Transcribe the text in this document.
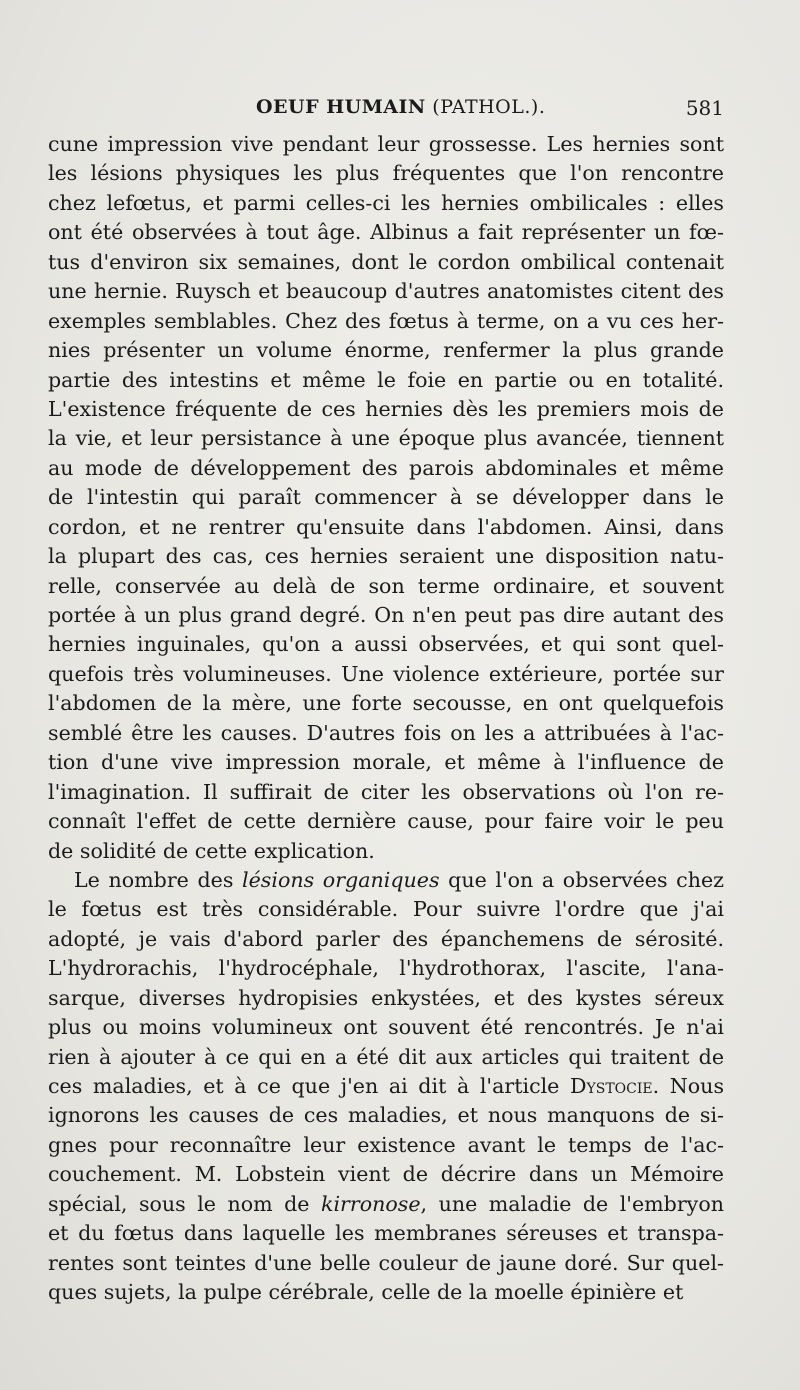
OEUF HUMAIN (PATHOL.).	581
cune impression vive pendant leur grossesse. Les hernies sont
les lésions physiques les plus fréquentes que l'on rencontre
chez lefœtus, et parmi celles-ci les hernies ombilicales : elles
ont été observées à tout âge. Albinus a fait représenter un fœ-
tus d'environ six semaines, dont le cordon ombilical contenait
une hernie. Ruysch et beaucoup d'autres anatomistes citent des
exemples semblables. Chez des fœtus à terme, on a vu ces her-
nies présenter un volume énorme, renfermer la plus grande
partie des intestins et même le foie en partie ou en totalité.
L'existence fréquente de ces hernies dès les premiers mois de
la vie, et leur persistance à une époque plus avancée, tiennent
au mode de développement des parois abdominales et même
de l'intestin qui paraît commencer à se développer dans le
cordon, et ne rentrer qu'ensuite dans l'abdomen. Ainsi, dans
la plupart des cas, ces hernies seraient une disposition natu-
relle, conservée au delà de son terme ordinaire, et souvent
portée à un plus grand degré. On n'en peut pas dire autant des
hernies inguinales, qu'on a aussi observées, et qui sont quel-
quefois très volumineuses. Une violence extérieure, portée sur
l'abdomen de la mère, une forte secousse, en ont quelquefois
semblé être les causes. D'autres fois on les a attribuées à l'ac-
tion d'une vive impression morale, et même à l'influence de
l'imagination. Il suffirait de citer les observations où l'on re-
connaît l'effet de cette dernière cause, pour faire voir le peu
de solidité de cette explication.
Le nombre des lésions organiques que l'on a observées chez
le fœtus est très considérable. Pour suivre l'ordre que j'ai
adopté, je vais d'abord parler des épanchemens de sérosité.
L'hydrorachis, l'hydrocéphale, l'hydrothorax, l'ascite, l'ana-
sarque, diverses hydropisies enkystées, et des kystes séreux
plus ou moins volumineux ont souvent été rencontrés. Je n'ai
rien à ajouter à ce qui en a été dit aux articles qui traitent de
ces maladies, et à ce que j'en ai dit à l'article Dystocie. Nous
ignorons les causes de ces maladies, et nous manquons de si-
gnes pour reconnaître leur existence avant le temps de l'ac-
couchement. M. Lobstein vient de décrire dans un Mémoire
spécial, sous le nom de kirronose, une maladie de l'embryon
et du fœtus dans laquelle les membranes séreuses et transpa-
rentes sont teintes d'une belle couleur de jaune doré. Sur quel-
ques sujets, la pulpe cérébrale, celle de la moelle épinière et
